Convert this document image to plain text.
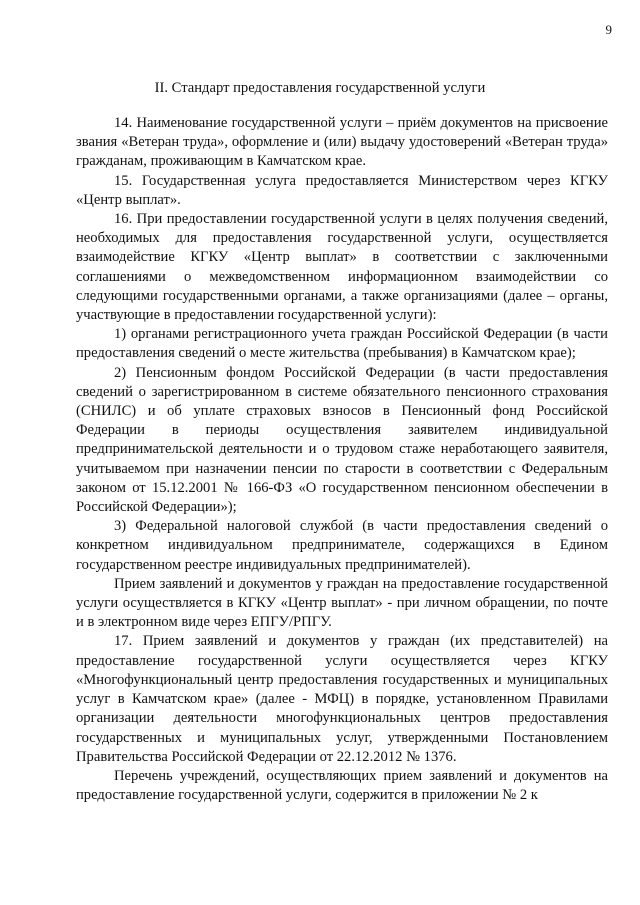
9
II. Стандарт предоставления государственной услуги

14. Наименование государственной услуги – приём документов на присвоение звания «Ветеран труда», оформление и (или) выдачу удостоверений «Ветеран труда» гражданам, проживающим в Камчатском крае.

15. Государственная услуга предоставляется Министерством через КГКУ «Центр выплат».

16. При предоставлении государственной услуги в целях получения сведений, необходимых для предоставления государственной услуги, осуществляется взаимодействие КГКУ «Центр выплат» в соответствии с заключенными соглашениями о межведомственном информационном взаимодействии со следующими государственными органами, а также организациями (далее – органы, участвующие в предоставлении государственной услуги):

1) органами регистрационного учета граждан Российской Федерации (в части предоставления сведений о месте жительства (пребывания) в Камчатском крае);

2) Пенсионным фондом Российской Федерации (в части предоставления сведений о зарегистрированном в системе обязательного пенсионного страхования (СНИЛС) и об уплате страховых взносов в Пенсионный фонд Российской Федерации в периоды осуществления заявителем индивидуальной предпринимательской деятельности и о трудовом стаже неработающего заявителя, учитываемом при назначении пенсии по старости в соответствии с Федеральным законом от 15.12.2001 № 166-ФЗ «О государственном пенсионном обеспечении в Российской Федерации»);

3) Федеральной налоговой службой (в части предоставления сведений о конкретном индивидуальном предпринимателе, содержащихся в Едином государственном реестре индивидуальных предпринимателей).

Прием заявлений и документов у граждан на предоставление государственной услуги осуществляется в КГКУ «Центр выплат» - при личном обращении, по почте и в электронном виде через ЕПГУ/РПГУ.

17. Прием заявлений и документов у граждан (их представителей) на предоставление государственной услуги осуществляется через КГКУ «Многофункциональный центр предоставления государственных и муниципальных услуг в Камчатском крае» (далее - МФЦ) в порядке, установленном Правилами организации деятельности многофункциональных центров предоставления государственных и муниципальных услуг, утвержденными Постановлением Правительства Российской Федерации от 22.12.2012 № 1376.

Перечень учреждений, осуществляющих прием заявлений и документов на предоставление государственной услуги, содержится в приложении № 2 к
